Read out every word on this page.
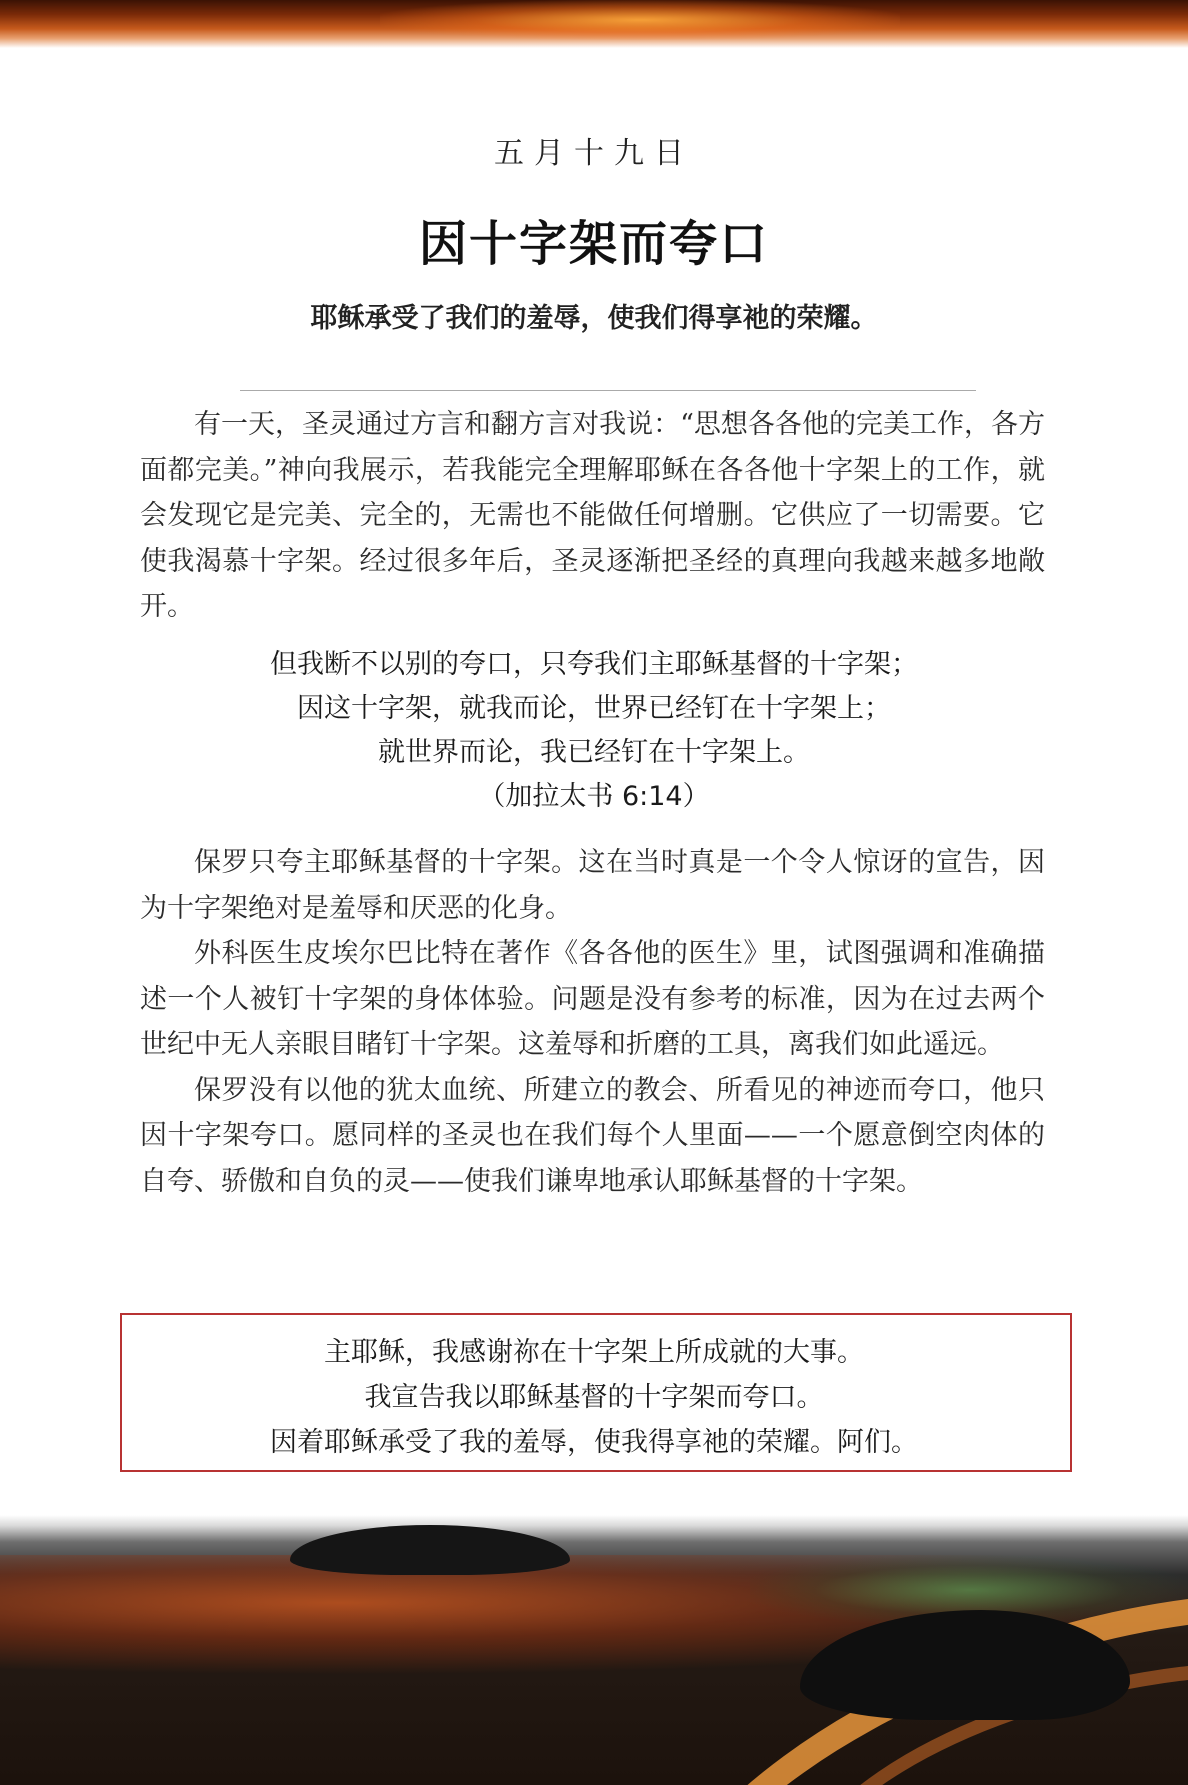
五月十九日
因十字架而夸口
耶稣承受了我们的羞辱，使我们得享祂的荣耀。

有一天，圣灵通过方言和翻方言对我说：“思想各各他的完美工作，各方面都完美。”神向我展示，若我能完全理解耶稣在各各他十字架上的工作，就会发现它是完美、完全的，无需也不能做任何增删。它供应了一切需要。它使我渴慕十字架。经过很多年后，圣灵逐渐把圣经的真理向我越来越多地敞开。

但我断不以别的夸口，只夸我们主耶稣基督的十字架；
因这十字架，就我而论，世界已经钉在十字架上；
就世界而论，我已经钉在十字架上。
（加拉太书 6:14）

保罗只夸主耶稣基督的十字架。这在当时真是一个令人惊讶的宣告，因为十字架绝对是羞辱和厌恶的化身。

外科医生皮埃尔巴比特在著作《各各他的医生》里，试图强调和准确描述一个人被钉十字架的身体体验。问题是没有参考的标准，因为在过去两个世纪中无人亲眼目睹钉十字架。这羞辱和折磨的工具，离我们如此遥远。

保罗没有以他的犹太血统、所建立的教会、所看见的神迹而夸口，他只因十字架夸口。愿同样的圣灵也在我们每个人里面——一个愿意倒空肉体的自夸、骄傲和自负的灵——使我们谦卑地承认耶稣基督的十字架。

主耶稣，我感谢祢在十字架上所成就的大事。
我宣告我以耶稣基督的十字架而夸口。
因着耶稣承受了我的羞辱，使我得享祂的荣耀。阿们。
